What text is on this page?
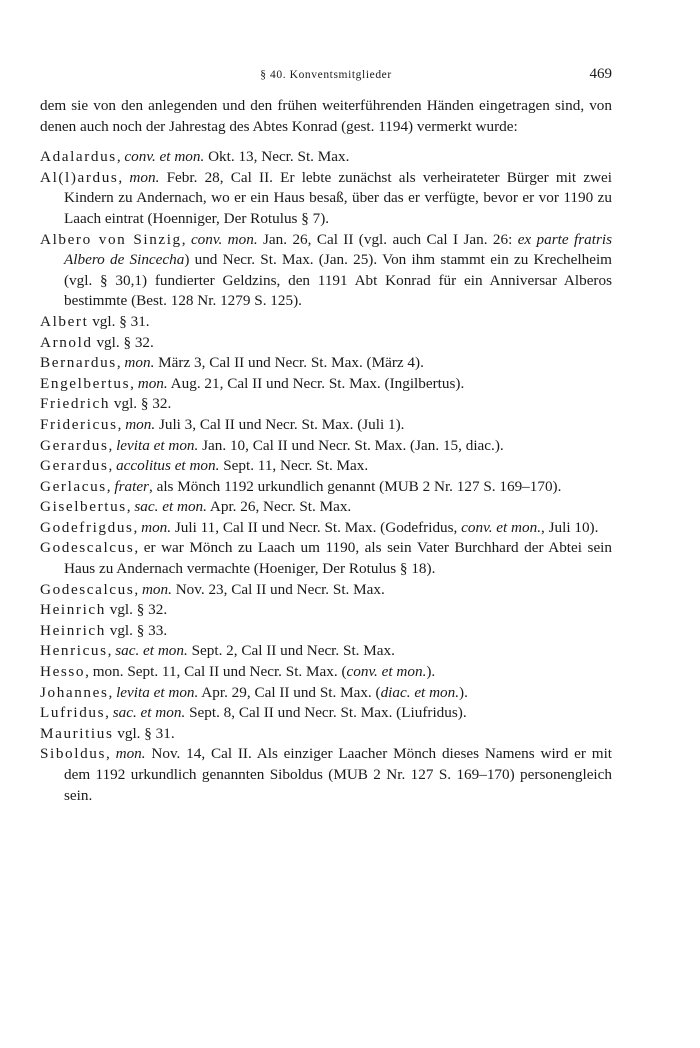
§ 40. Konventsmitglieder	469

dem sie von den anlegenden und den frühen weiterführenden Händen eingetragen sind, von denen auch noch der Jahrestag des Abtes Konrad (gest. 1194) vermerkt wurde:

Adalardus, conv. et mon. Okt. 13, Necr. St. Max.

Al(l)ardus, mon. Febr. 28, Cal II. Er lebte zunächst als verheirateter Bürger mit zwei Kindern zu Andernach, wo er ein Haus besaß, über das er verfügte, bevor er vor 1190 zu Laach eintrat (Hoenniger, Der Rotulus § 7).

Albero von Sinzig, conv. mon. Jan. 26, Cal II (vgl. auch Cal I Jan. 26: ex parte fratris Albero de Sincecha) und Necr. St. Max. (Jan. 25). Von ihm stammt ein zu Krechelheim (vgl. § 30,1) fundierter Geldzins, den 1191 Abt Konrad für ein Anniversar Alberos bestimmte (Best. 128 Nr. 1279 S. 125).

Albert vgl. § 31.

Arnold vgl. § 32.

Bernardus, mon. März 3, Cal II und Necr. St. Max. (März 4).

Engelbertus, mon. Aug. 21, Cal II und Necr. St. Max. (Ingilbertus).

Friedrich vgl. § 32.

Fridericus, mon. Juli 3, Cal II und Necr. St. Max. (Juli 1).

Gerardus, levita et mon. Jan. 10, Cal II und Necr. St. Max. (Jan. 15, diac.).

Gerardus, accolitus et mon. Sept. 11, Necr. St. Max.

Gerlacus, frater, als Mönch 1192 urkundlich genannt (MUB 2 Nr. 127 S. 169–170).

Giselbertus, sac. et mon. Apr. 26, Necr. St. Max.

Godefrigdus, mon. Juli 11, Cal II und Necr. St. Max. (Godefridus, conv. et mon., Juli 10).

Godescalcus, er war Mönch zu Laach um 1190, als sein Vater Burchhard der Abtei sein Haus zu Andernach vermachte (Hoeniger, Der Rotulus § 18).

Godescalcus, mon. Nov. 23, Cal II und Necr. St. Max.

Heinrich vgl. § 32.

Heinrich vgl. § 33.

Henricus, sac. et mon. Sept. 2, Cal II und Necr. St. Max.

Hesso, mon. Sept. 11, Cal II und Necr. St. Max. (conv. et mon.).

Johannes, levita et mon. Apr. 29, Cal II und St. Max. (diac. et mon.).

Lufridus, sac. et mon. Sept. 8, Cal II und Necr. St. Max. (Liufridus).

Mauritius vgl. § 31.

Siboldus, mon. Nov. 14, Cal II. Als einziger Laacher Mönch dieses Namens wird er mit dem 1192 urkundlich genannten Siboldus (MUB 2 Nr. 127 S. 169–170) personengleich sein.
